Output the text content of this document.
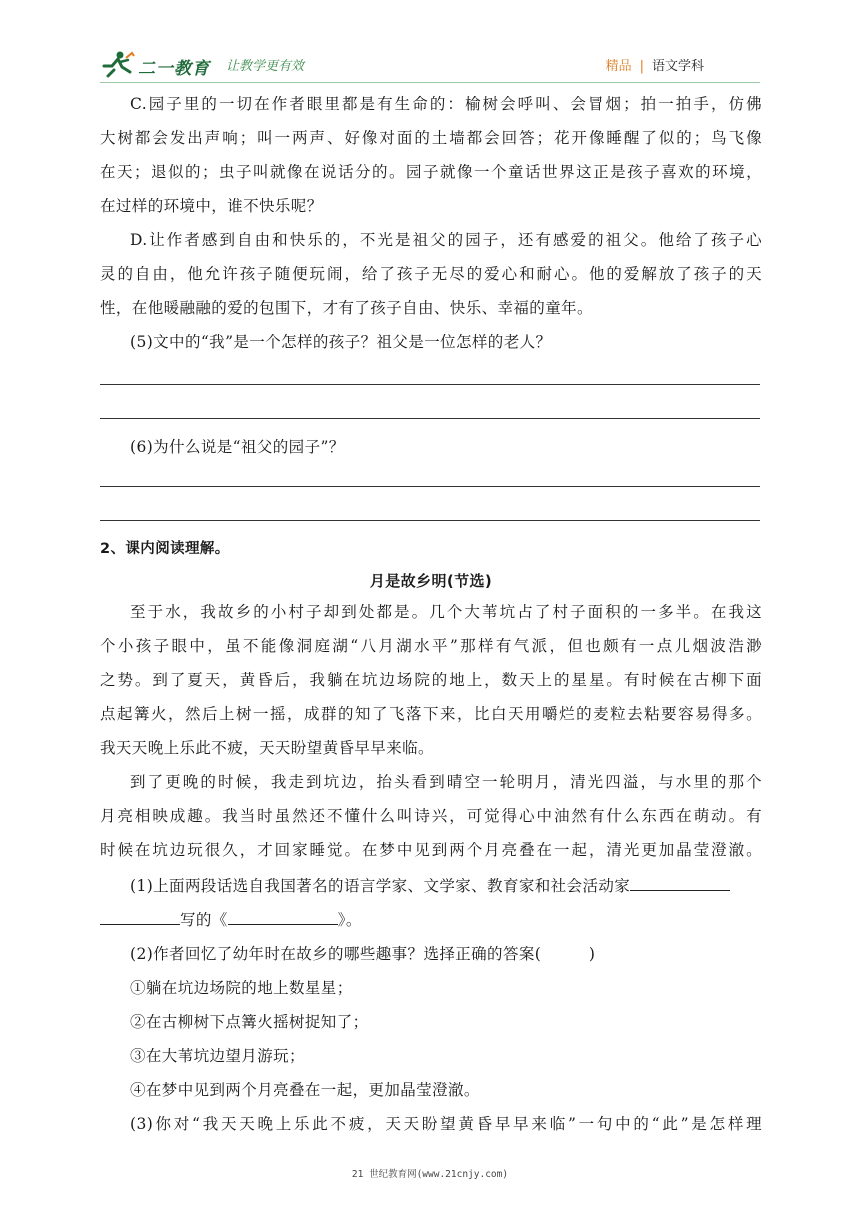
二一教育 让教学更有效	精品 | 语文学科
C.园子里的一切在作者眼里都是有生命的：榆树会呼叫、会冒烟；拍一拍手，仿佛
大树都会发出声响；叫一两声、好像对面的土墙都会回答；花开像睡醒了似的；鸟飞像
在天；退似的；虫子叫就像在说话分的。园子就像一个童话世界这正是孩子喜欢的环境，
在过样的环境中，谁不快乐呢？
D.让作者感到自由和快乐的，不光是祖父的园子，还有感爱的祖父。他给了孩子心
灵的自由，他允许孩子随便玩闹，给了孩子无尽的爱心和耐心。他的爱解放了孩子的天
性，在他暖融融的爱的包围下，才有了孩子自由、快乐、幸福的童年。
(5)文中的“我”是一个怎样的孩子？祖父是一位怎样的老人？
(6)为什么说是“祖父的园子”？
2、课内阅读理解。
月是故乡明(节选)
至于水，我故乡的小村子却到处都是。几个大苇坑占了村子面积的一多半。在我这
个小孩子眼中，虽不能像洞庭湖“八月湖水平”那样有气派，但也颇有一点儿烟波浩渺
之势。到了夏天，黄昏后，我躺在坑边场院的地上，数天上的星星。有时候在古柳下面
点起篝火，然后上树一摇，成群的知了飞落下来，比白天用嚼烂的麦粒去粘要容易得多。
我天天晚上乐此不疲，天天盼望黄昏早早来临。
到了更晚的时候，我走到坑边，抬头看到晴空一轮明月，清光四溢，与水里的那个
月亮相映成趣。我当时虽然还不懂什么叫诗兴，可觉得心中油然有什么东西在萌动。有
时候在坑边玩很久，才回家睡觉。在梦中见到两个月亮叠在一起，清光更加晶莹澄澈。
(1)上面两段话选自我国著名的语言学家、文学家、教育家和社会活动家
写的《	》。
(2)作者回忆了幼年时在故乡的哪些趣事？选择正确的答案(　　　)
①躺在坑边场院的地上数星星；
②在古柳树下点篝火摇树捉知了；
③在大苇坑边望月游玩；
④在梦中见到两个月亮叠在一起，更加晶莹澄澈。
(3)你对“我天天晚上乐此不疲，天天盼望黄昏早早来临”一句中的“此”是怎样理
21 世纪教育网(www.21cnjy.com)
